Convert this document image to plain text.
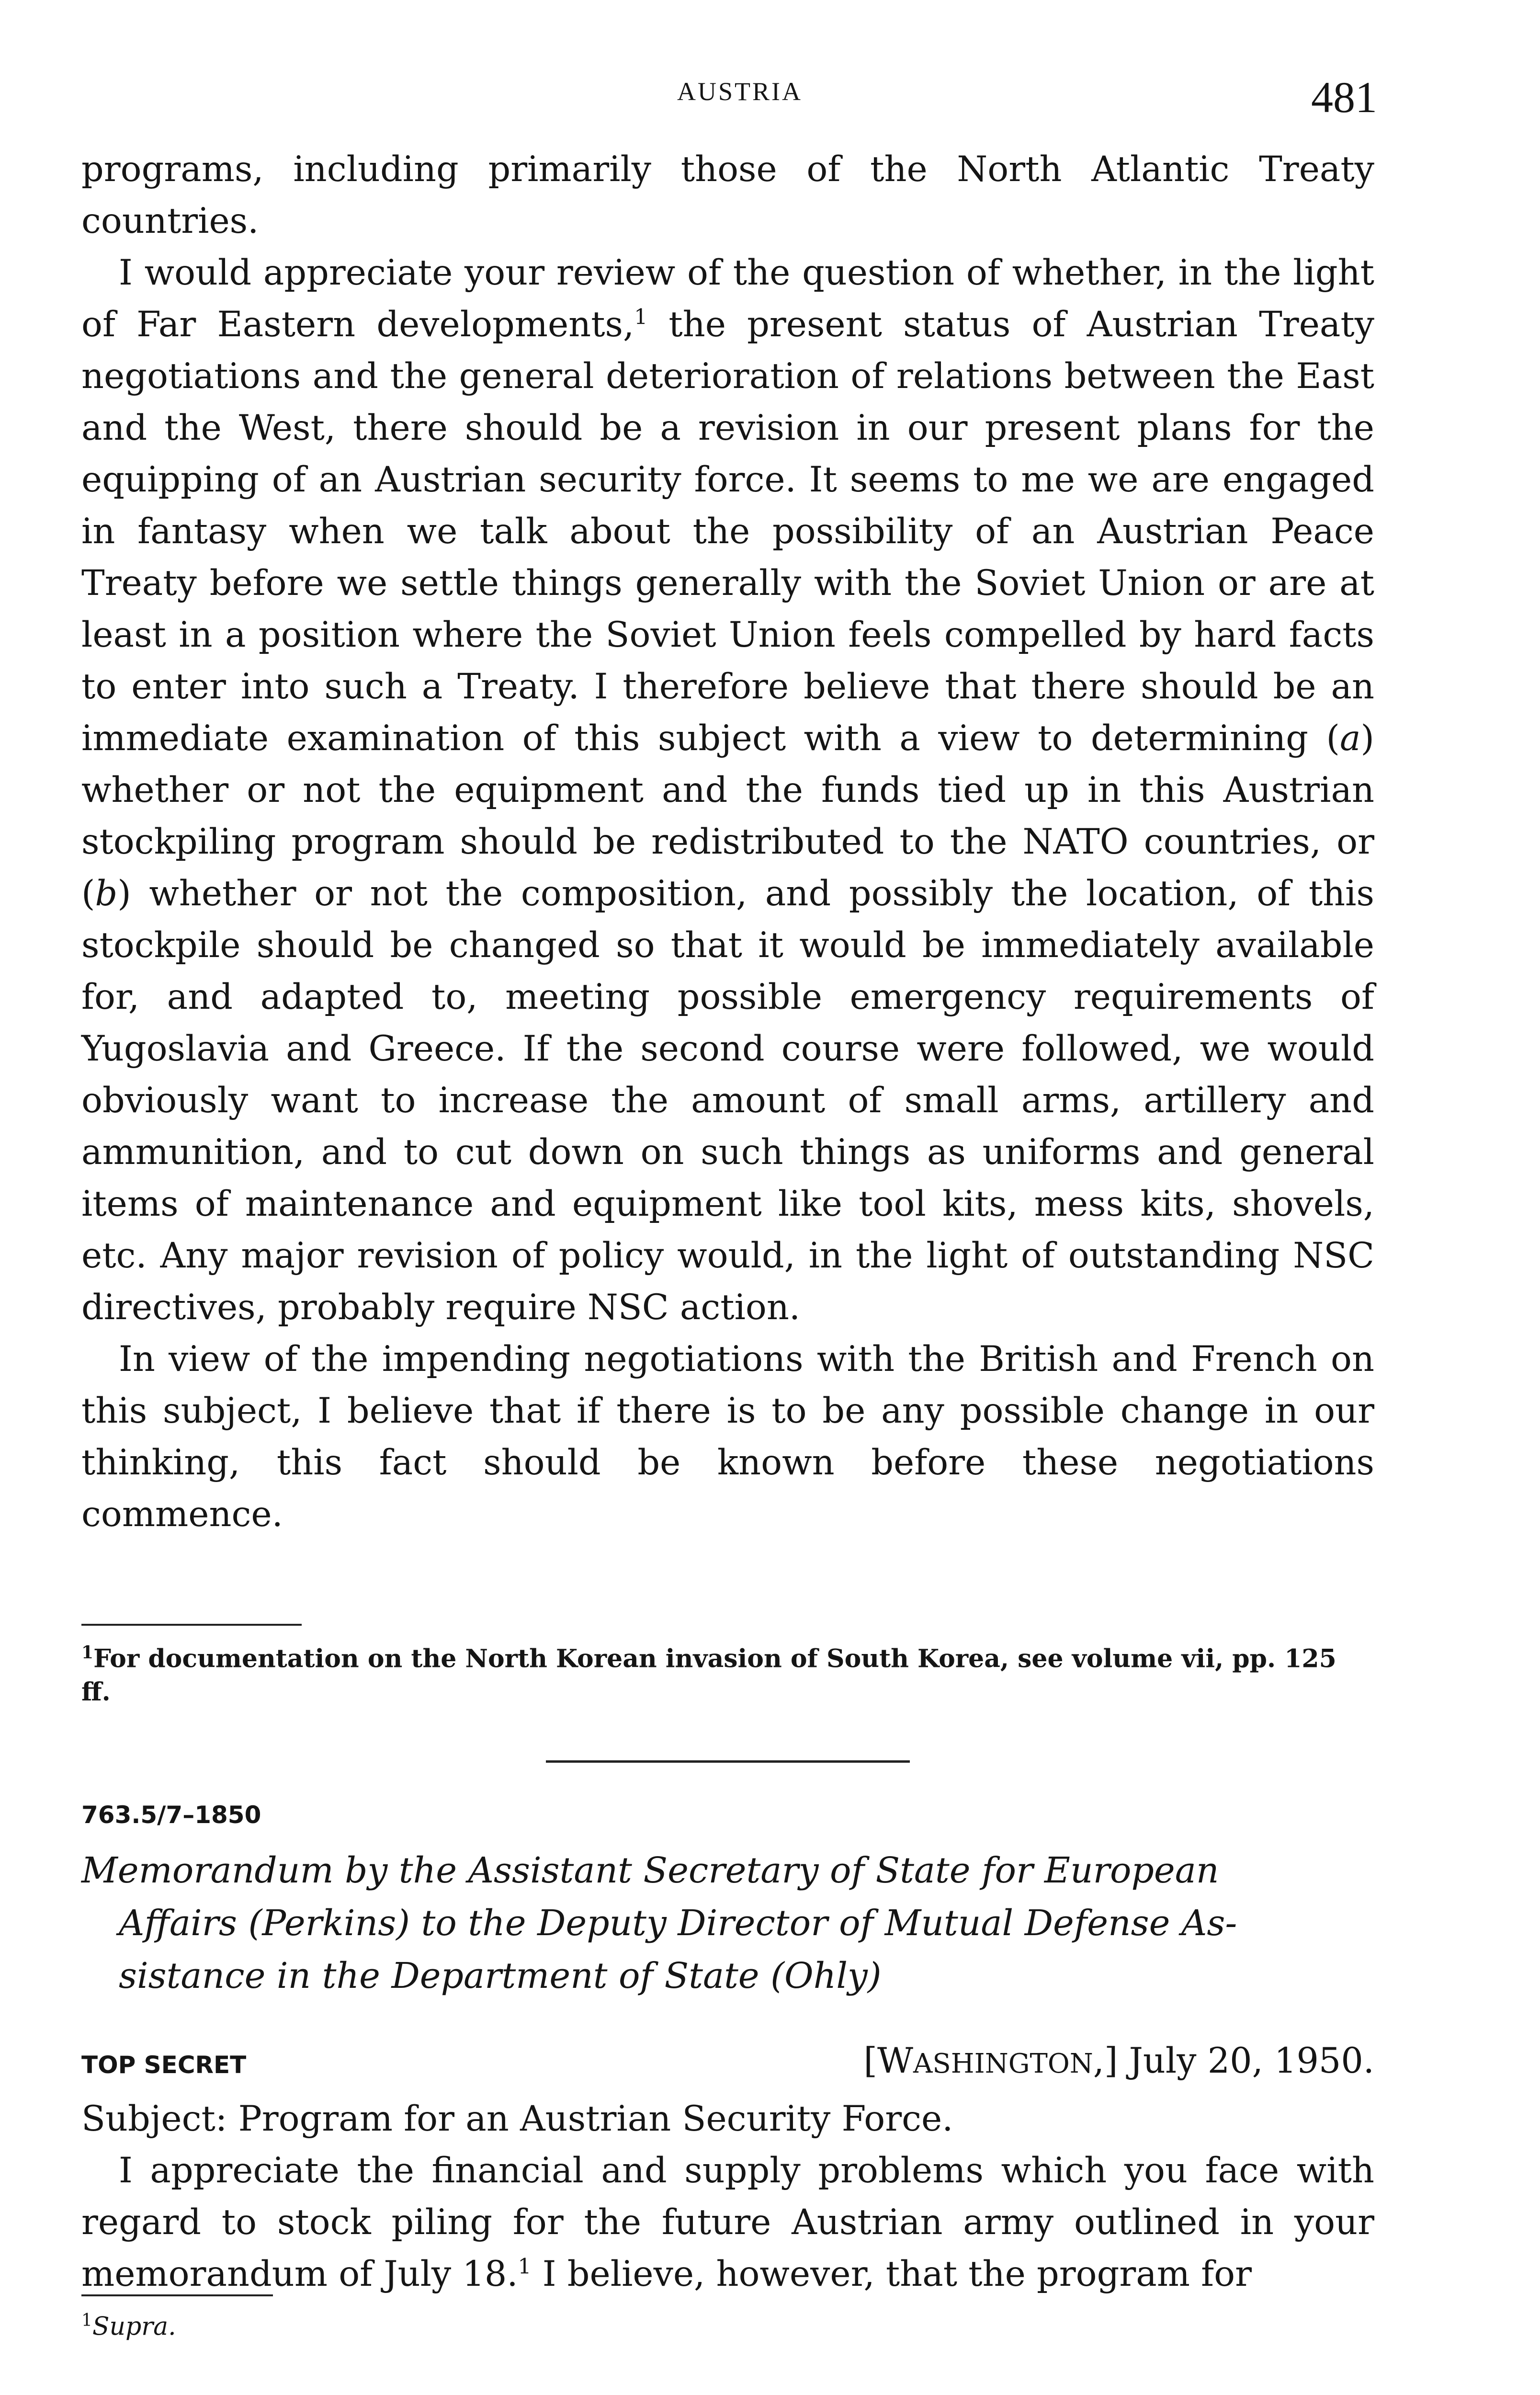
AUSTRIA	481

programs, including primarily those of the North Atlantic Treaty countries.

I would appreciate your review of the question of whether, in the light of Far Eastern developments,$^1$ the present status of Austrian Treaty negotiations and the general deterioration of relations between the East and the West, there should be a revision in our present plans for the equipping of an Austrian security force. It seems to me we are engaged in fantasy when we talk about the possibility of an Austrian Peace Treaty before we settle things generally with the Soviet Union or are at least in a position where the Soviet Union feels compelled by hard facts to enter into such a Treaty. I therefore believe that there should be an immediate examination of this subject with a view to determining (a) whether or not the equipment and the funds tied up in this Austrian stockpiling program should be redistributed to the NATO countries, or (b) whether or not the composition, and possibly the location, of this stockpile should be changed so that it would be immediately available for, and adapted to, meeting possible emergency requirements of Yugoslavia and Greece. If the second course were followed, we would obviously want to increase the amount of small arms, artillery and ammunition, and to cut down on such things as uniforms and general items of maintenance and equipment like tool kits, mess kits, shovels, etc. Any major revision of policy would, in the light of outstanding NSC directives, probably require NSC action.

In view of the impending negotiations with the British and French on this subject, I believe that if there is to be any possible change in our thinking, this fact should be known before these negotiations commence.

$^1$For documentation on the North Korean invasion of South Korea, see volume vii, pp. 125 ff.
763.5/7–1850
Memorandum by the Assistant Secretary of State for European
Affairs (Perkins) to the Deputy Director of Mutual Defense As-
sistance in the Department of State (Ohly)
TOP SECRET	[WASHINGTON,] July 20, 1950.

Subject: Program for an Austrian Security Force.

I appreciate the financial and supply problems which you face with regard to stock piling for the future Austrian army outlined in your memorandum of July 18.$^1$ I believe, however, that the program for

$^1$Supra.
